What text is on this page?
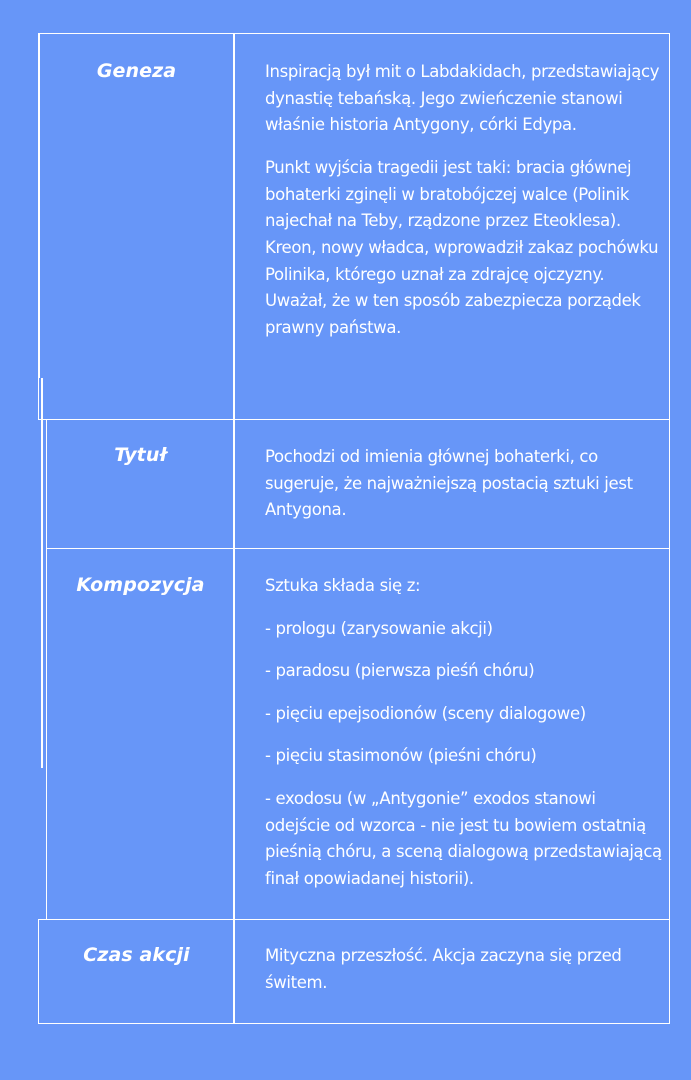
Geneza	Inspiracją był mit o Labdakidach, przedstawiający dynastię tebańską. Jego zwieńczenie stanowi właśnie historia Antygony, córki Edypa.

Punkt wyjścia tragedii jest taki: bracia głównej bohaterki zginęli w bratobójczej walce (Polinik najechał na Teby, rządzone przez Eteoklesa). Kreon, nowy władca, wprowadził zakaz pochówku Polinika, którego uznał za zdrajcę ojczyzny. Uważał, że w ten sposób zabezpiecza porządek prawny państwa.

Tytuł	Pochodzi od imienia głównej bohaterki, co sugeruje, że najważniejszą postacią sztuki jest Antygona.

Kompozycja	Sztuka składa się z:

- prologu (zarysowanie akcji)

- paradosu (pierwsza pieśń chóru)

- pięciu epejsodionów (sceny dialogowe)

- pięciu stasimonów (pieśni chóru)

- exodosu (w „Antygonie” exodos stanowi odejście od wzorca - nie jest tu bowiem ostatnią pieśnią chóru, a sceną dialogową przedstawiającą finał opowiadanej historii).

Czas akcji	Mityczna przeszłość. Akcja zaczyna się przed świtem.
